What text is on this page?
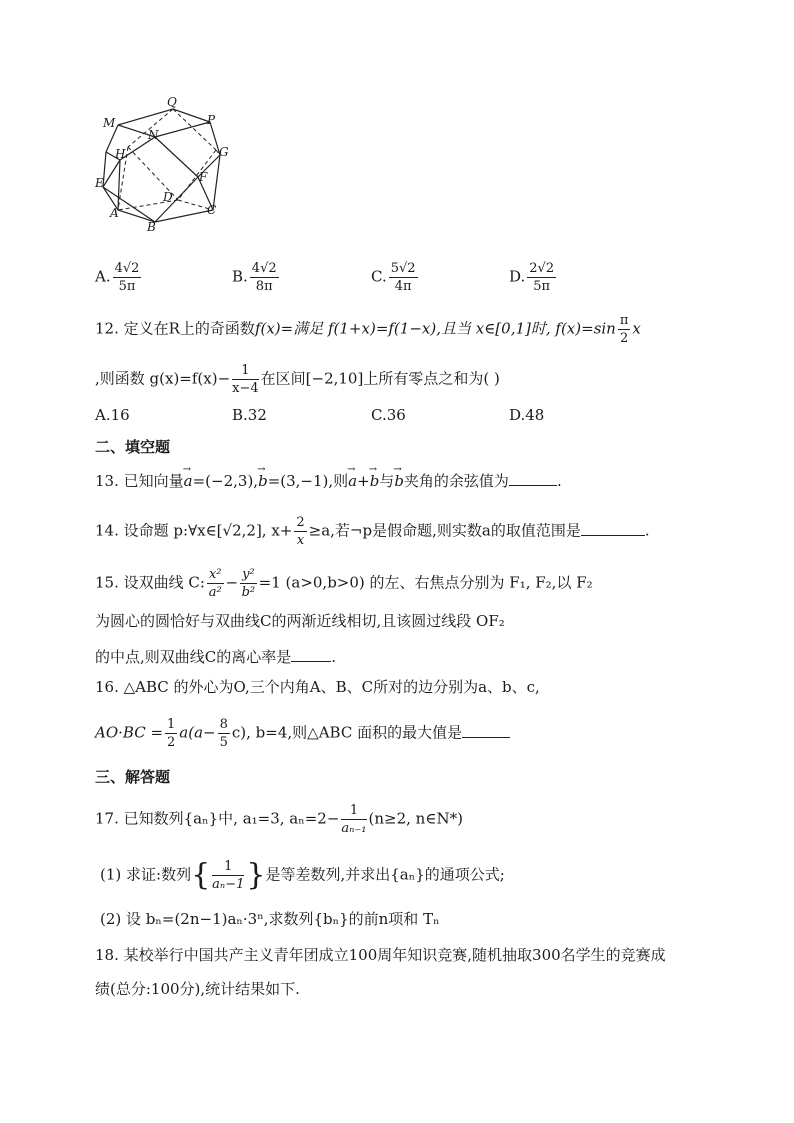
Q
M	P
N
G
H
F
E
D
C
A
B
A. $\frac{4√2}{5\pi}$	B. $\frac{4√2}{8\pi}$	C. $\frac{5√2}{4\pi}$	D. $\frac{2√2}{5\pi}$
12. 定义在R上的奇函数f(x)=满足 f(1+x)=f(1−x),且当 x∈[0,1]时, $f(x)=\sin \frac{\pi}{2}$ x
,则函数 $g(x)=f(x)- \frac{1}{x-4}$ 在区间[−2,10]上所有零点之和为( )
A.16	B.32	C.36	D.48
二、填空题
13. 已知向量→ a=(−2,3),→ b=(3,−1),则→ a+→ b与→ b夹角的余弦值为	.
14. 设命题 p:∀x∈[√2,2], $x+ \frac{2}{x} \ge a$,若¬p是假命题,则实数a的取值范围是	.
15. 设双曲线 C: $\frac{\text{x²}}{\text{a²}} - \frac{\text{y²}}{\text{b²}} =1$ (a>0,b>0) 的左、右焦点分别为 F₁, F₂,以 F₂
为圆心的圆恰好与双曲线C的两渐近线相切,且该圆过线段 OF₂
的中点,则双曲线C的离心率是	.
16. △ABC 的外心为O,三个内角A、B、C所对的边分别为a、b、c,
$AO\cdot BC = \frac{1}{2} a(a- \frac{8}{5} c)$, b=4,则△ABC 面积的最大值是
三、解答题
17. 已知数列{aₙ}中, a₁=3, $a_n=2- \frac{1}{\text{aₙ₋₁}} (n\ge 2$, n∈N*)
(1) 求证:数列{ $\frac{1}{\text{aₙ−1}}$ }是等差数列,并求出{aₙ}的通项公式;
(2) 设 bₙ=(2n−1)aₙ·3ⁿ,求数列{bₙ}的前n项和 Tₙ
18. 某校举行中国共产主义青年团成立100周年知识竞赛,随机抽取300名学生的竞赛成
绩(总分:100分),统计结果如下.
